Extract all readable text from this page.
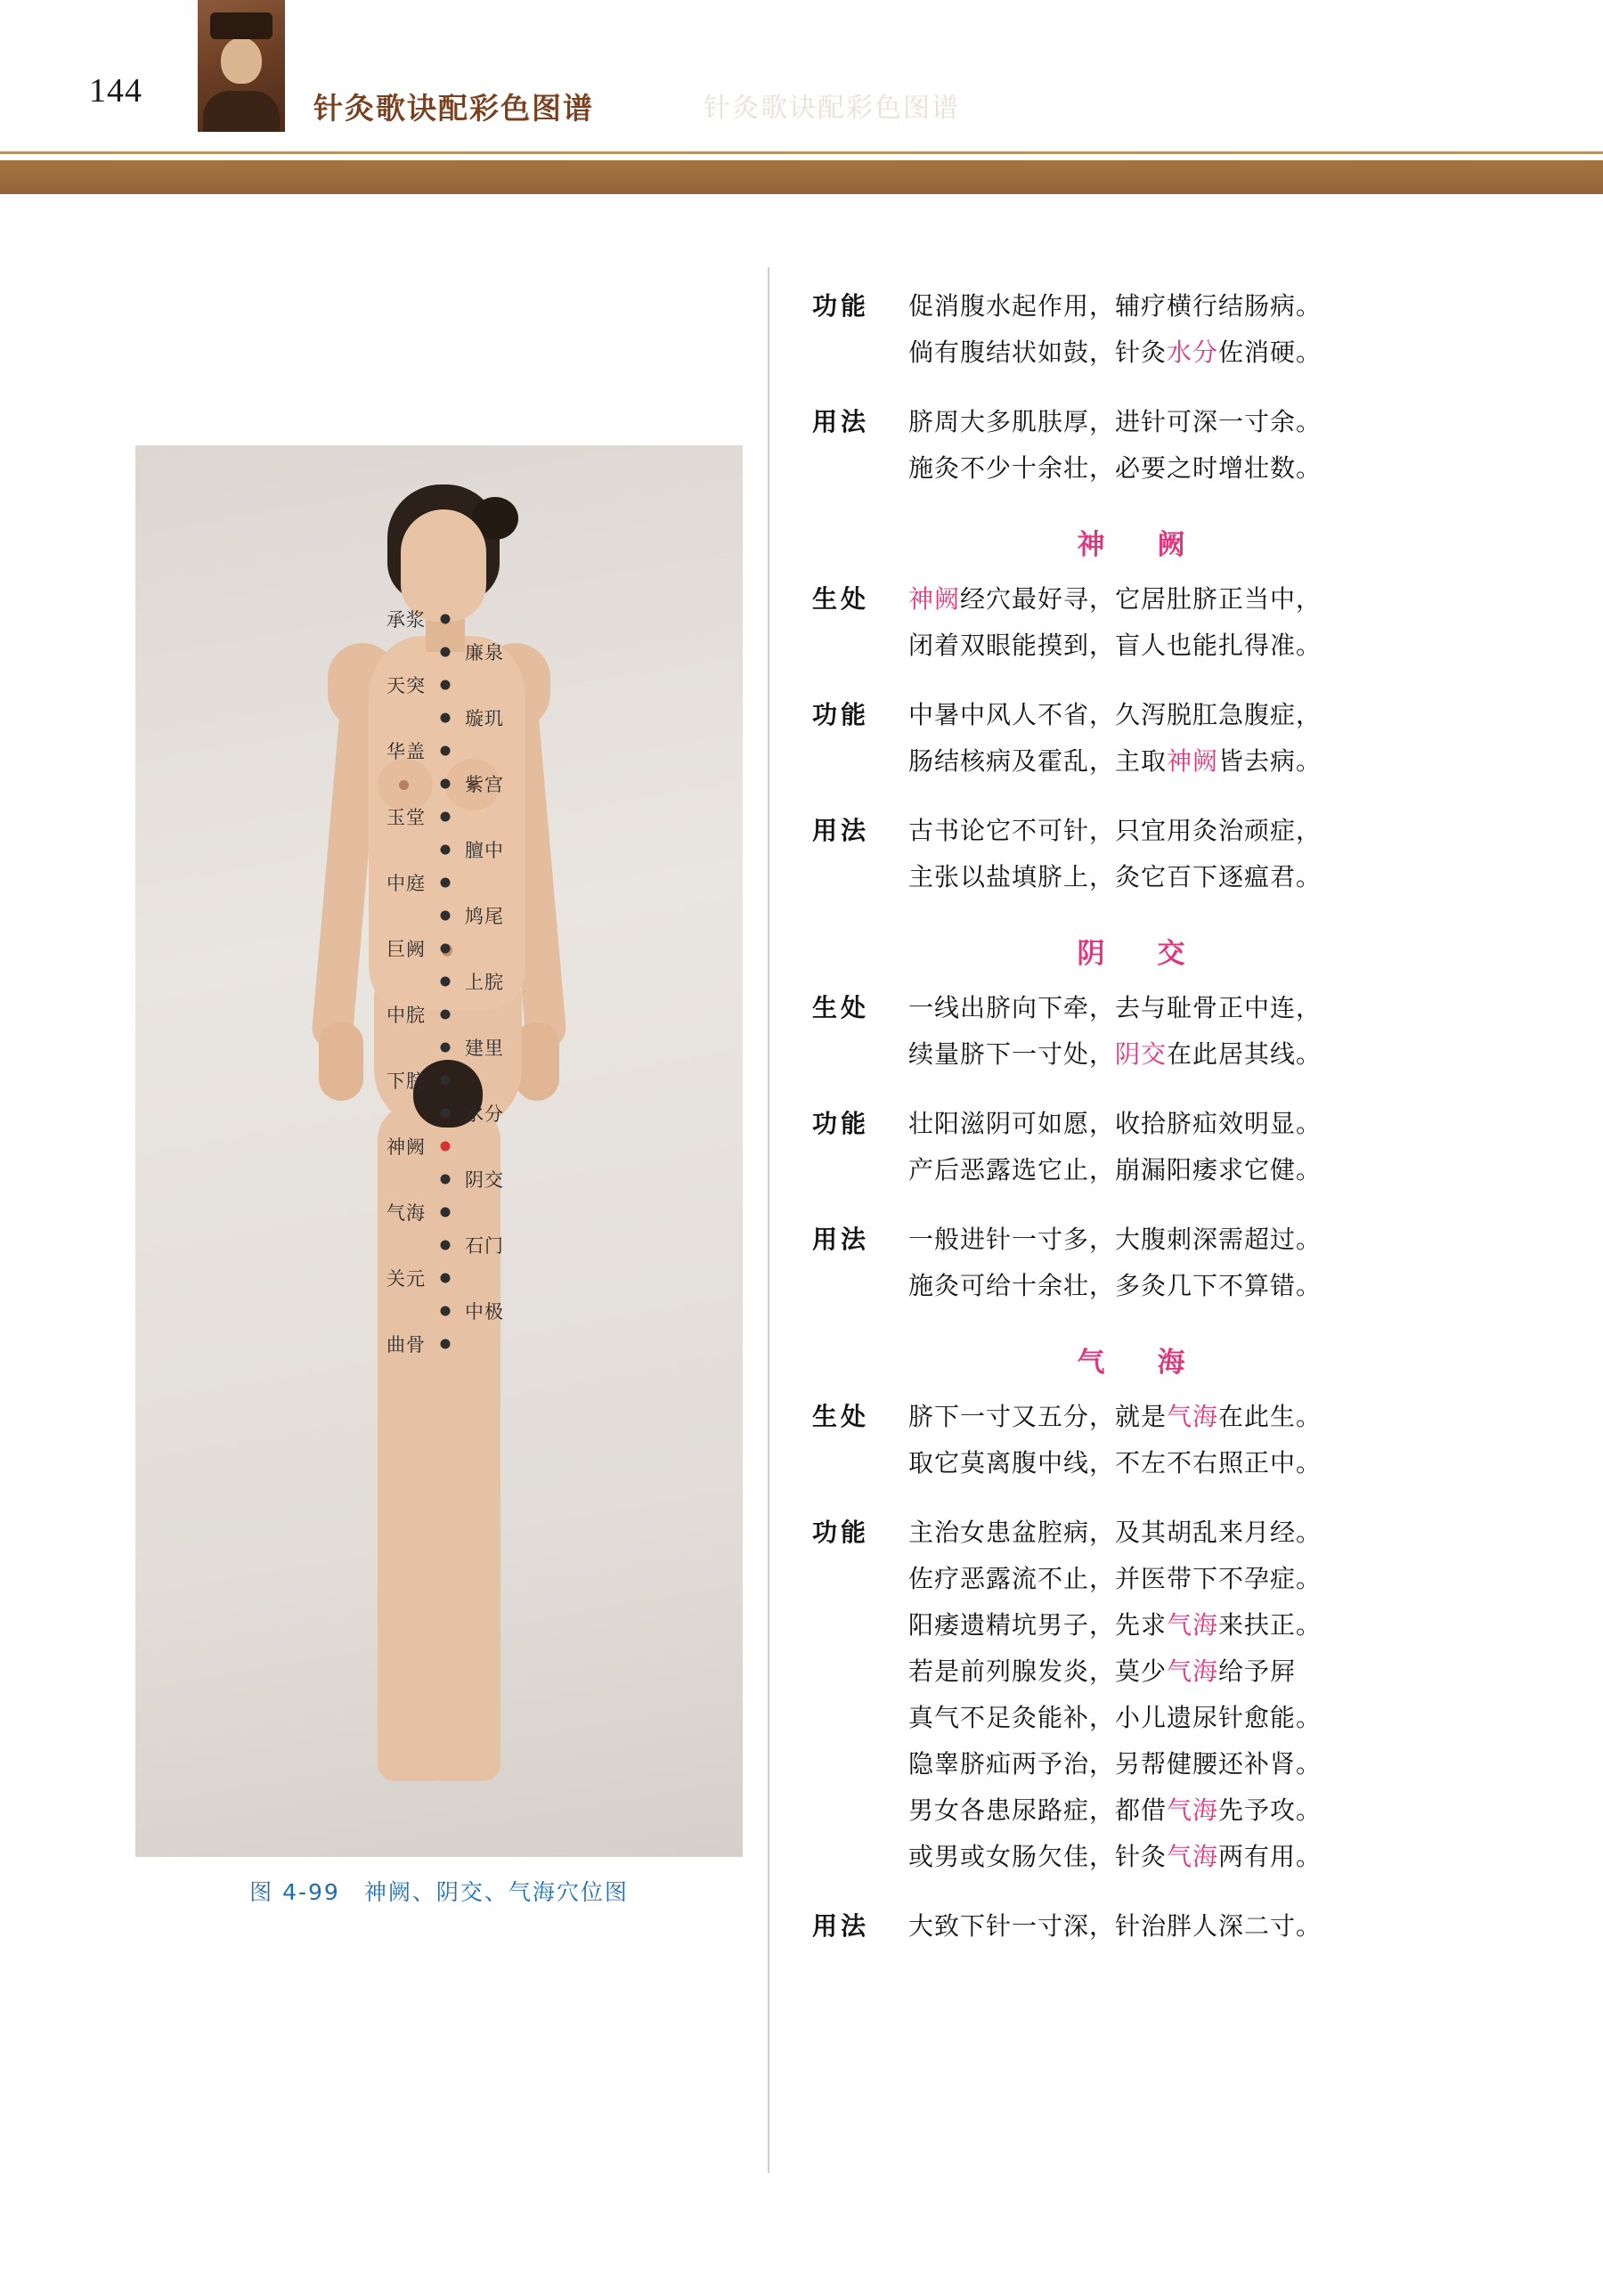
144	针灸歌诀配彩色图谱	针灸歌诀配彩色图谱
承浆
廉泉
天突
璇玑
华盖
紫宫
玉堂
膻中
中庭
鸠尾
巨阙
上脘
中脘
建里
下脘
水分
神阙
阴交
气海
石门
关元
中极
曲骨
图 4-99　神阙、阴交、气海穴位图
功能	促消腹水起作用，辅疗横行结肠病。
倘有腹结状如鼓，针灸水分佐消硬。
用法	脐周大多肌肤厚，进针可深一寸余。
施灸不少十余壮，必要之时增壮数。
神　阙
生处	神阙经穴最好寻，它居肚脐正当中，
闭着双眼能摸到，盲人也能扎得准。
功能	中暑中风人不省，久泻脱肛急腹症，
肠结核病及霍乱，主取神阙皆去病。
用法	古书论它不可针，只宜用灸治顽症，
主张以盐填脐上，灸它百下逐瘟君。
阴　交
生处	一线出脐向下牵，去与耻骨正中连，
续量脐下一寸处，阴交在此居其线。
功能	壮阳滋阴可如愿，收拾脐疝效明显。
产后恶露选它止，崩漏阳痿求它健。
用法	一般进针一寸多，大腹刺深需超过。
施灸可给十余壮，多灸几下不算错。
气　海
生处	脐下一寸又五分，就是气海在此生。
取它莫离腹中线，不左不右照正中。
功能	主治女患盆腔病，及其胡乱来月经。
佐疗恶露流不止，并医带下不孕症。
阳痿遗精坑男子，先求气海来扶正。
若是前列腺发炎，莫少气海给予屛
真气不足灸能补，小儿遗尿针愈能。
隐睾脐疝两予治，另帮健腰还补肾。
男女各患尿路症，都借气海先予攻。
或男或女肠欠佳，针灸气海两有用。
用法	大致下针一寸深，针治胖人深二寸。
